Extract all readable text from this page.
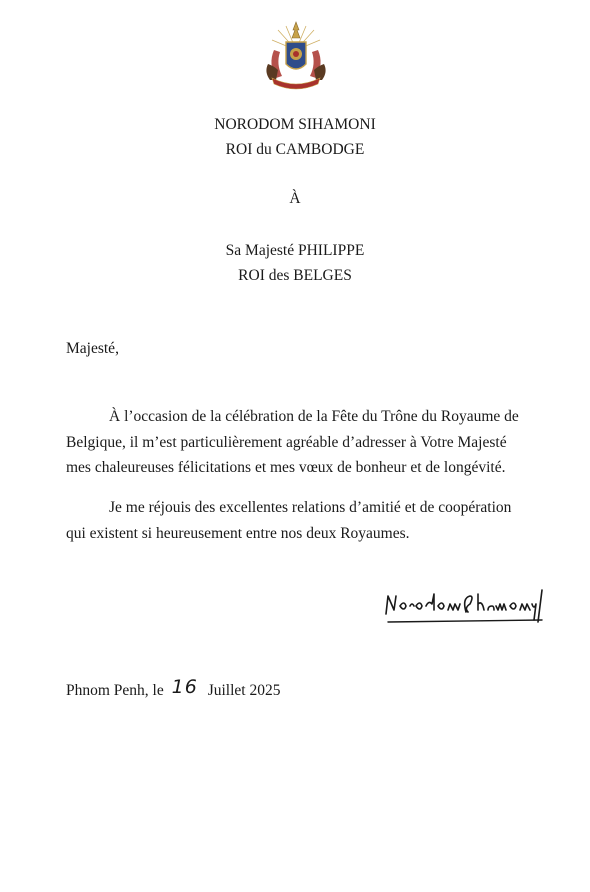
NORODOM SIHAMONI
ROI du CAMBODGE
À
Sa Majesté PHILIPPE
ROI des BELGES
Majesté,
À l’occasion de la célébration de la Fête du Trône du Royaume de
Belgique, il m’est particulièrement agréable d’adresser à Votre Majesté
mes chaleureuses félicitations et mes vœux de bonheur et de longévité.
Je me réjouis des excellentes relations d’amitié et de coopération
qui existent si heureusement entre nos deux Royaumes.
Phnom Penh, le 16 Juillet 2025
